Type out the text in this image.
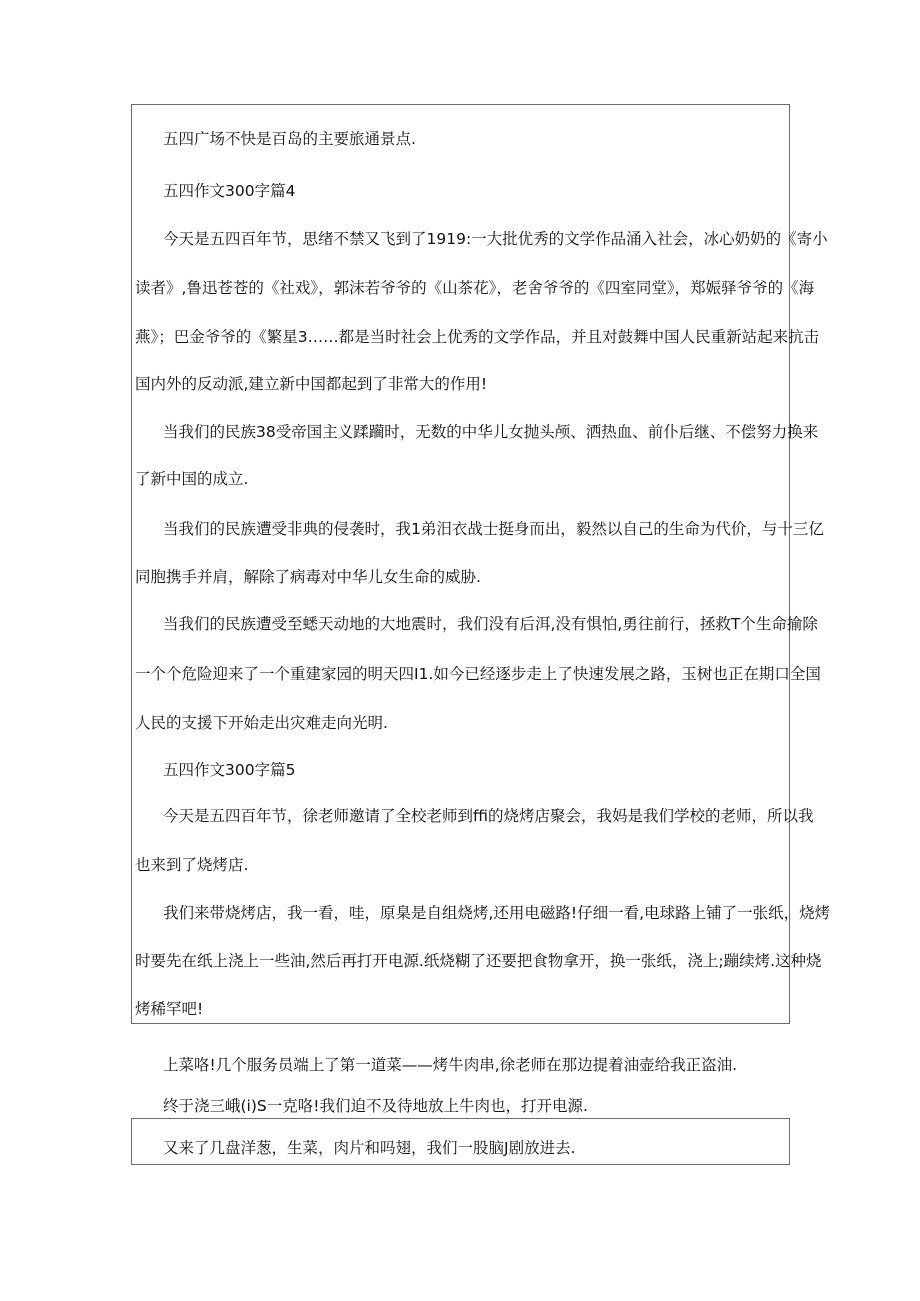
五四广场不快是百岛的主要旅通景点.
五四作文300字篇4
今天是五四百年节，思绪不禁又飞到了1919:一大批优秀的文学作品涌入社会，冰心奶奶的《寄小
读者》,鲁迅苍苍的《社戏》，郭沫若爷爷的《山茶花》，老舍爷爷的《四室同堂》，郑娠驿爷爷的《海
燕》；巴金爷爷的《繁星3……都是当时社会上优秀的文学作品，并且对鼓舞中国人民重新站起来抗击
国内外的反动派,建立新中国都起到了非常大的作用!
当我们的民族38受帝国主义蹂躏时，无数的中华儿女抛头颅、洒热血、前仆后继、不偿努力换来
了新中国的成立.
当我们的民族遭受非典的侵袭时，我1弟汨衣战士挺身而出，毅然以自己的生命为代价，与十三亿
同胞携手并肩，解除了病毒对中华儿女生命的威胁.
当我们的民族遭受至蟋天动地的大地震时，我们没有后洱,没有惧怕,勇往前行，拯救T个生命揄除
一个个危险迎来了一个重建家园的明天四I1.如今已经逐步走上了快速发展之路，玉树也正在期口全国
人民的支援下开始走出灾难走向光明.
五四作文300字篇5
今天是五四百年节，徐老师邀请了全校老师到ffi的烧烤店聚会，我妈是我们学校的老师，所以我
也来到了烧烤店.
我们来带烧烤店，我一看，哇，原臬是自组烧烤,还用电磁路!仔细一看,电球路上铺了一张纸，烧烤
时要先在纸上浇上一些油,然后再打开电源.纸烧糊了还要把食物拿开，换一张纸，浇上;蹦续烤.这种烧
烤稀罕吧!
上菜咯!几个服务员端上了第一道菜——烤牛肉串,徐老师在那边提着油壶给我正盗油.
终于浇三峨(i)S一克咯!我们迫不及待地放上牛肉也，打开电源.
又来了几盘洋葱，生菜，肉片和吗翅，我们一股脑J剧放进去.
